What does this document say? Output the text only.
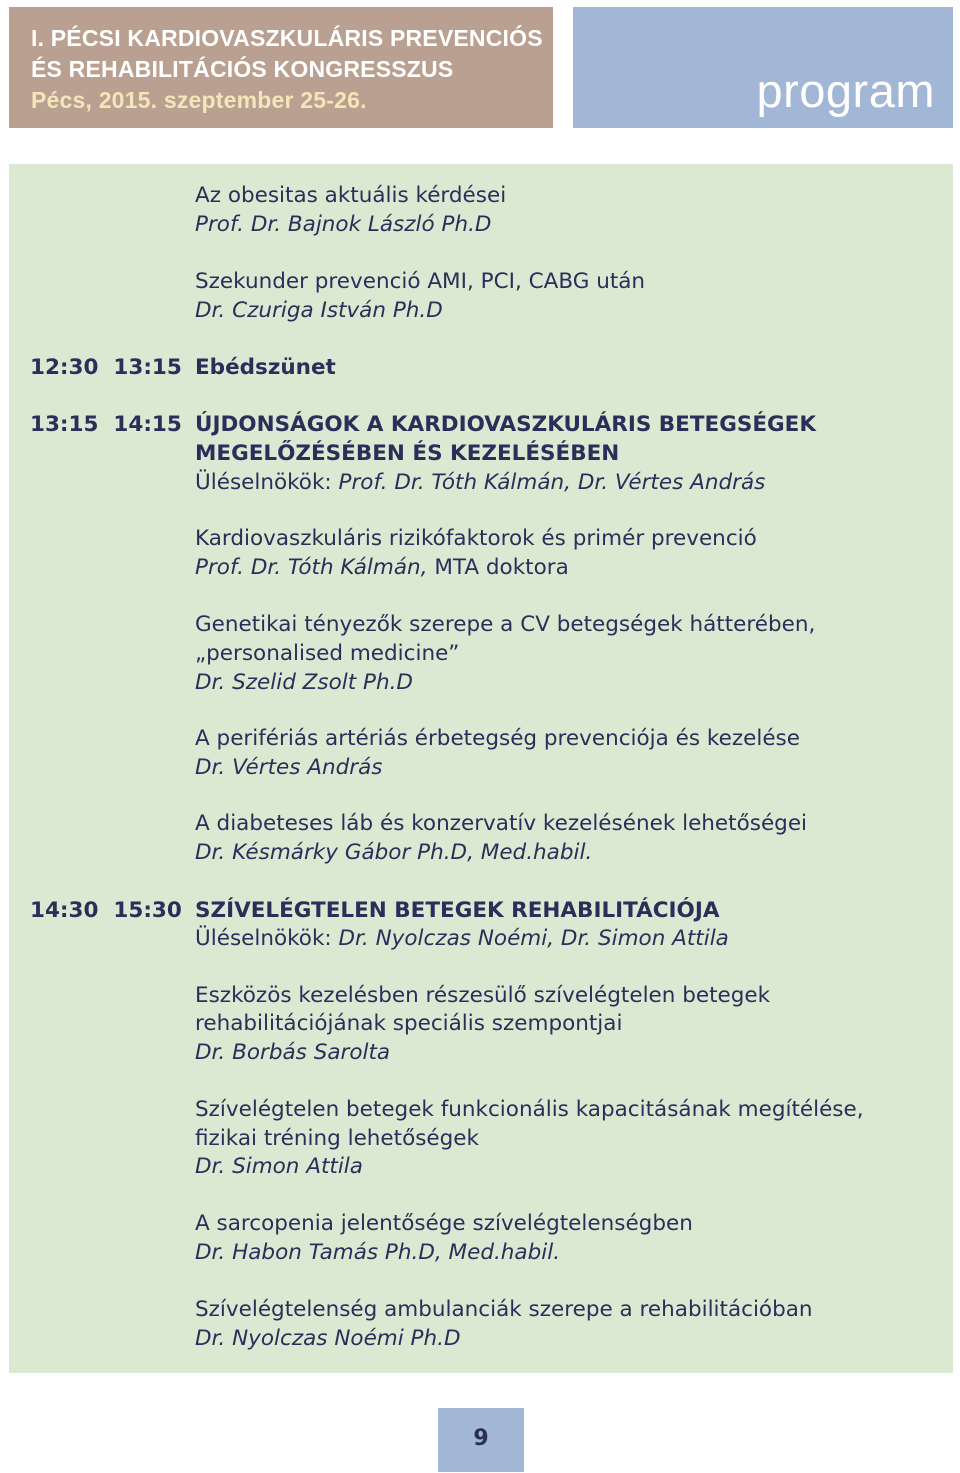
I. PÉCSI KARDIOVASZKULÁRIS PREVENCIÓS
ÉS REHABILITÁCIÓS KONGRESSZUS
Pécs, 2015. szeptember 25-26.	program
Az obesitas aktuális kérdései
Prof. Dr. Bajnok László Ph.D
Szekunder prevenció AMI, PCI, CABG után
Dr. Czuriga István Ph.D
12:30  13:15 Ebédszünet
13:15  14:15 ÚJDONSÁGOK A KARDIOVASZKULÁRIS BETEGSÉGEK
MEGELŐZÉSÉBEN ÉS KEZELÉSÉBEN
Üléselnökök: Prof. Dr. Tóth Kálmán, Dr. Vértes András
Kardiovaszkuláris rizikófaktorok és primér prevenció
Prof. Dr. Tóth Kálmán, MTA doktora
Genetikai tényezők szerepe a CV betegségek hátterében,
„personalised medicine”
Dr. Szelid Zsolt Ph.D
A perifériás artériás érbetegség prevenciója és kezelése
Dr. Vértes András
A diabeteses láb és konzervatív kezelésének lehetőségei
Dr. Késmárky Gábor Ph.D, Med.habil.
14:30  15:30 SZÍVELÉGTELEN BETEGEK REHABILITÁCIÓJA
Üléselnökök: Dr. Nyolczas Noémi, Dr. Simon Attila
Eszközös kezelésben részesülő szívelégtelen betegek
rehabilitációjának speciális szempontjai
Dr. Borbás Sarolta
Szívelégtelen betegek funkcionális kapacitásának megítélése,
fizikai tréning lehetőségek
Dr. Simon Attila
A sarcopenia jelentősége szívelégtelenségben
Dr. Habon Tamás Ph.D, Med.habil.
Szívelégtelenség ambulanciák szerepe a rehabilitációban
Dr. Nyolczas Noémi Ph.D
9
